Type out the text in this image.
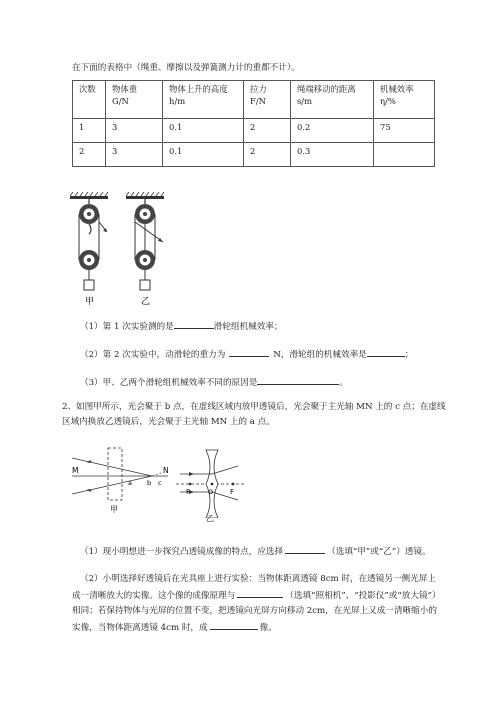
在下面的表格中（绳重、摩擦以及弹簧测力计的重都不计）。
次数	物体重 G/N	物体上升的高度 h/m	拉力 F/N	绳端移动的距离 s/m	机械效率 η/%
1	3	0.1	2	0.2	75
2	3	0.1	2	0.3	
甲	乙
（1）第 1 次实验测的是	滑轮组机械效率；
（2）第 2 次实验中，动滑轮的重力为	N，滑轮组的机械效率是	；
（3）甲、乙两个滑轮组机械效率不同的原因是	。
2、如图甲所示，光会聚于 b 点，在虚线区域内放甲透镜后，光会聚于主光轴 MN 上的 c 点；在虚线区域内换放乙透镜后，光会聚于主光轴 MN 上的 a 点。
M	N
a b c
甲
F	F
O
乙
（1）现小明想进一步探究凸透镜成像的特点，应选择	（选填“甲”或“乙”）透镜。
（2）小明选择好透镜后在光具座上进行实验：当物体距离透镜 8cm 时，在透镜另一侧光屏上成一清晰放大的实像。这个像的成像原理与	（选填“照相机”、“投影仪”或“放大镜”）相同；若保持物体与光屏的位置不变，把透镜向光屏方向移动 2cm，在光屏上又成一清晰缩小的实像，当物体距离透镜 4cm 时，成	像。
